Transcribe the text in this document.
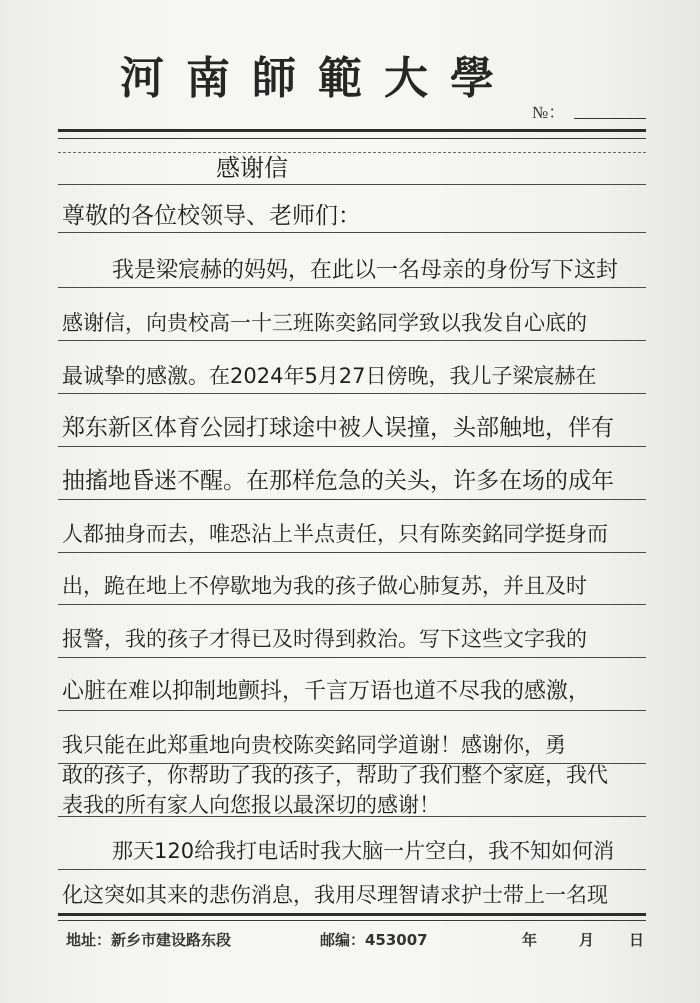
河南師範大學
№：
感谢信
尊敬的各位校领导、老师们：
我是梁宸赫的妈妈，在此以一名母亲的身份写下这封
感谢信，向贵校高一十三班陈奕銘同学致以我发自心底的
最诚挚的感激。在2024年5月27日傍晚，我儿子梁宸赫在
郑东新区体育公园打球途中被人误撞，头部触地，伴有
抽搐地昏迷不醒。在那样危急的关头，许多在场的成年
人都抽身而去，唯恐沾上半点责任，只有陈奕銘同学挺身而
出，跪在地上不停歇地为我的孩子做心肺复苏，并且及时
报警，我的孩子才得已及时得到救治。写下这些文字我的
心脏在难以抑制地颤抖，千言万语也道不尽我的感激，
我只能在此郑重地向贵校陈奕銘同学道谢！感谢你，勇
敢的孩子，你帮助了我的孩子，帮助了我们整个家庭，我代
表我的所有家人向您报以最深切的感谢！
地址：新乡市建设路东段	邮编：453007	年	月 日
那天120给我打电话时我大脑一片空白，我不知如何消
化这突如其来的悲伤消息，我用尽理智请求护士带上一名现
